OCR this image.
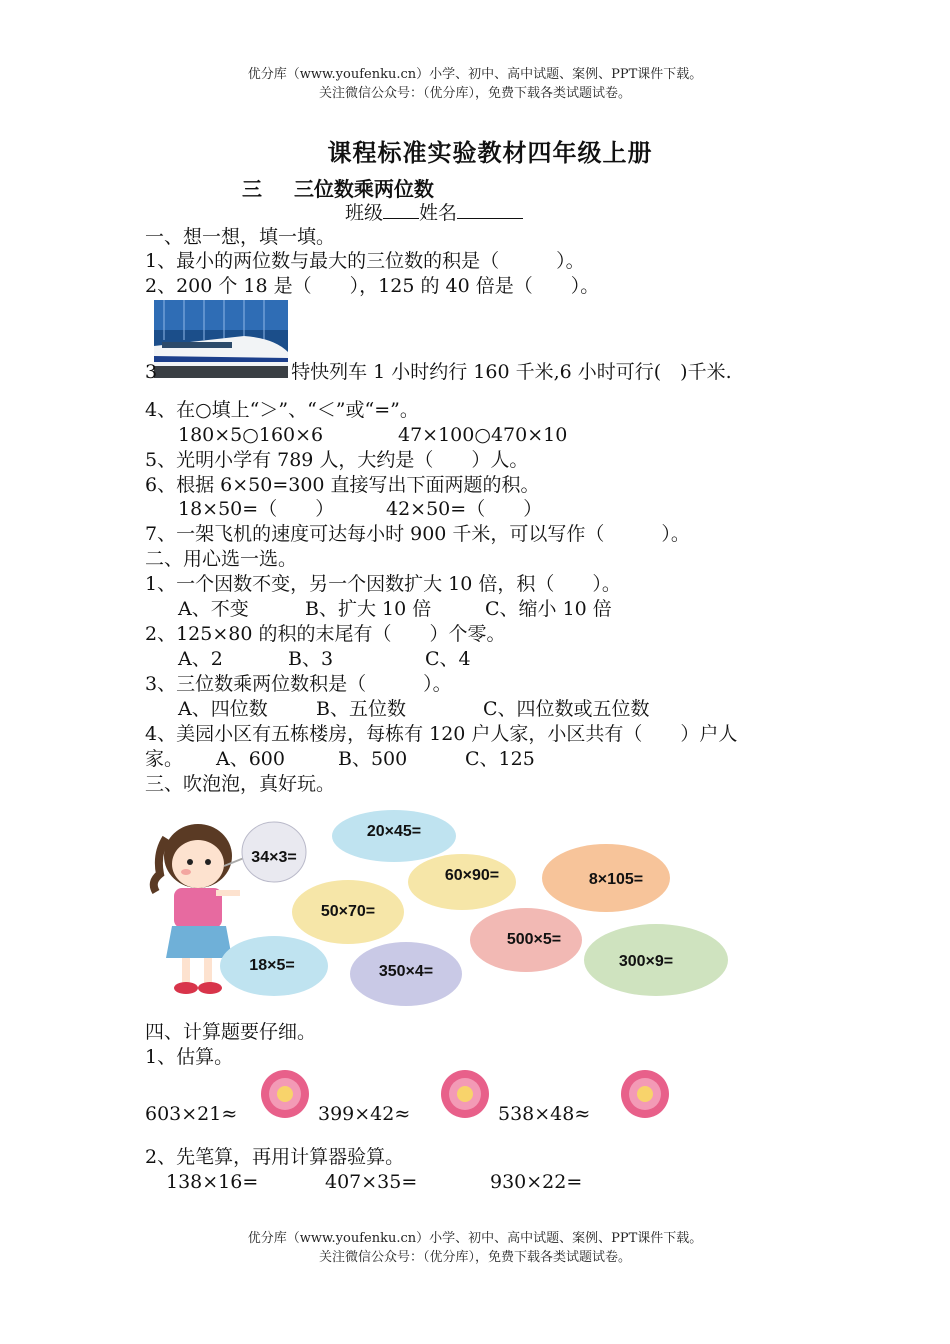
优分库（www.youfenku.cn）小学、初中、高中试题、案例、PPT课件下载。
关注微信公众号：（优分库），免费下载各类试题试卷。
课程标准实验教材四年级上册
三 三位数乘两位数
班级 姓名
一、想一想，填一填。
1、最小的两位数与最大的三位数的积是（　　　）。
2、200 个 18 是（　　），125 的 40 倍是（　　）。
3	特快列车 1 小时约行 160 千米,6 小时可行(　)千米.
4、在○填上“＞”、“＜”或“=”。
180×5○160×6	47×100○470×10
5、光明小学有 789 人，大约是（　　）人。
6、根据 6×50=300 直接写出下面两题的积。
18×50=（　　）	42×50=（　　）
7、一架飞机的速度可达每小时 900 千米，可以写作（　　　）。
二、用心选一选。
1、一个因数不变，另一个因数扩大 10 倍，积（　　）。
A、不变	B、扩大 10 倍	C、缩小 10 倍
2、125×80 的积的末尾有（　　）个零。
A、2	B、3	C、4
3、三位数乘两位数积是（　　　）。
A、四位数	B、五位数	C、四位数或五位数
4、美园小区有五栋楼房，每栋有 120 户人家，小区共有（　　）户人
家。 A、600	B、500	C、125
三、吹泡泡，真好玩。
34×3=
20×45=
60×90=	8×105=
50×70=
500×5=
18×5=	350×4=
300×9=
四、计算题要仔细。
1、估算。
603×21≈	399×42≈	538×48≈
2、先笔算，再用计算器验算。
138×16=	407×35=	930×22=
优分库（www.youfenku.cn）小学、初中、高中试题、案例、PPT课件下载。
关注微信公众号：（优分库），免费下载各类试题试卷。
